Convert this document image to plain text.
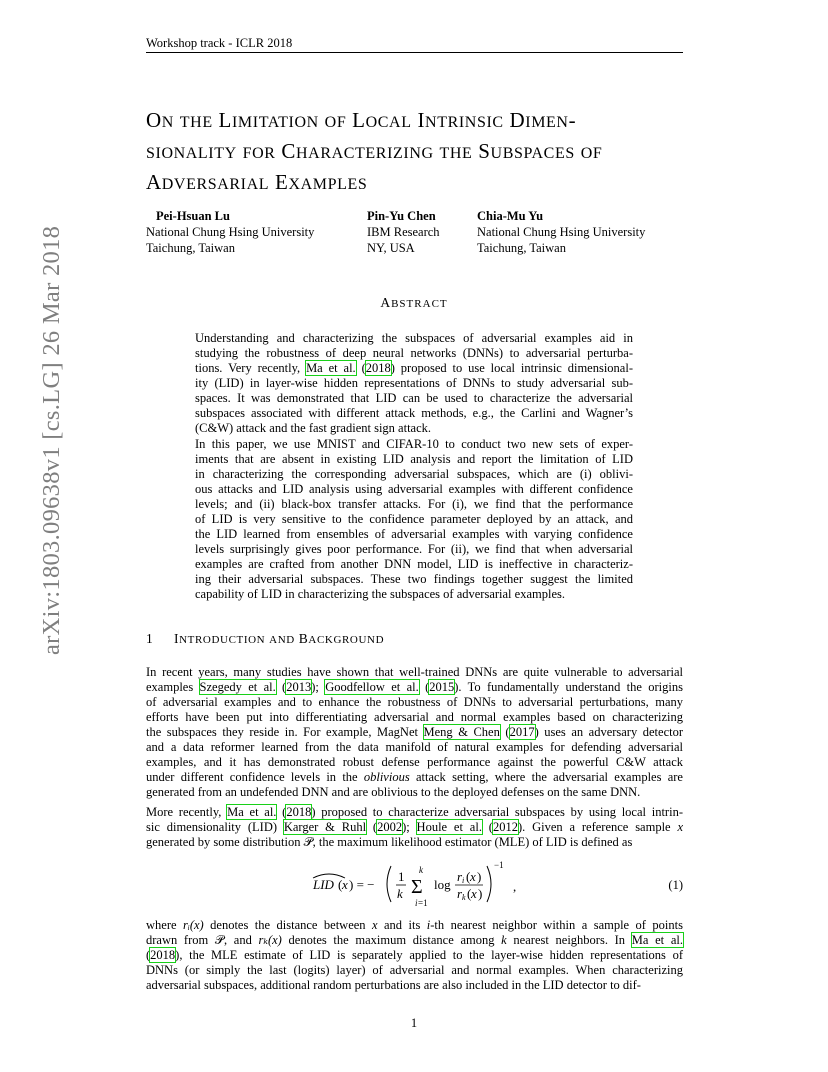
Workshop track - ICLR 2018
arXiv:1803.09638v1 [cs.LG] 26 Mar 2018
ON THE LIMITATION OF LOCAL INTRINSIC DIMEN-
SIONALITY FOR CHARACTERIZING THE SUBSPACES OF
ADVERSARIAL EXAMPLES
Pei-Hsuan Lu
National Chung Hsing University
Taichung, Taiwan
Pin-Yu Chen
IBM Research
NY, USA
Chia-Mu Yu
National Chung Hsing University
Taichung, Taiwan
ABSTRACT
Understanding and characterizing the subspaces of adversarial examples aid in
studying the robustness of deep neural networks (DNNs) to adversarial perturba-
tions. Very recently, Ma et al. (2018) proposed to use local intrinsic dimensional-
ity (LID) in layer-wise hidden representations of DNNs to study adversarial sub-
spaces. It was demonstrated that LID can be used to characterize the adversarial
subspaces associated with different attack methods, e.g., the Carlini and Wagner’s
(C&W) attack and the fast gradient sign attack.
In this paper, we use MNIST and CIFAR-10 to conduct two new sets of exper-
iments that are absent in existing LID analysis and report the limitation of LID
in characterizing the corresponding adversarial subspaces, which are (i) oblivi-
ous attacks and LID analysis using adversarial examples with different confidence
levels; and (ii) black-box transfer attacks. For (i), we find that the performance
of LID is very sensitive to the confidence parameter deployed by an attack, and
the LID learned from ensembles of adversarial examples with varying confidence
levels surprisingly gives poor performance. For (ii), we find that when adversarial
examples are crafted from another DNN model, LID is ineffective in characteriz-
ing their adversarial subspaces. These two findings together suggest the limited
capability of LID in characterizing the subspaces of adversarial examples.
1 INTRODUCTION AND BACKGROUND
In recent years, many studies have shown that well-trained DNNs are quite vulnerable to adversarial
examples Szegedy et al. (2013); Goodfellow et al. (2015). To fundamentally understand the origins
of adversarial examples and to enhance the robustness of DNNs to adversarial perturbations, many
efforts have been put into differentiating adversarial and normal examples based on characterizing
the subspaces they reside in. For example, MagNet Meng & Chen (2017) uses an adversary detector
and a data reformer learned from the data manifold of natural examples for defending adversarial
examples, and it has demonstrated robust defense performance against the powerful C&W attack
under different confidence levels in the oblivious attack setting, where the adversarial examples are
generated from an undefended DNN and are oblivious to the deployed defenses on the same DNN.
More recently, Ma et al. (2018) proposed to characterize adversarial subspaces by using local intrin-
sic dimensionality (LID) Karger & Ruhl (2002); Houle et al. (2012). Given a reference sample x
generated by some distribution 𝒫, the maximum likelihood estimator (MLE) of LID is defined as
LID ( x ) = −
1
k
k
Σ
i =1
log
r i ( x )
r k ( x )
−1
,	(1)
where rᵢ(x) denotes the distance between x and its i-th nearest neighbor within a sample of points
drawn from 𝒫, and rₖ(x) denotes the maximum distance among k nearest neighbors. In Ma et al.
(2018), the MLE estimate of LID is separately applied to the layer-wise hidden representations of
DNNs (or simply the last (logits) layer) of adversarial and normal examples. When characterizing
adversarial subspaces, additional random perturbations are also included in the LID detector to dif-
1
